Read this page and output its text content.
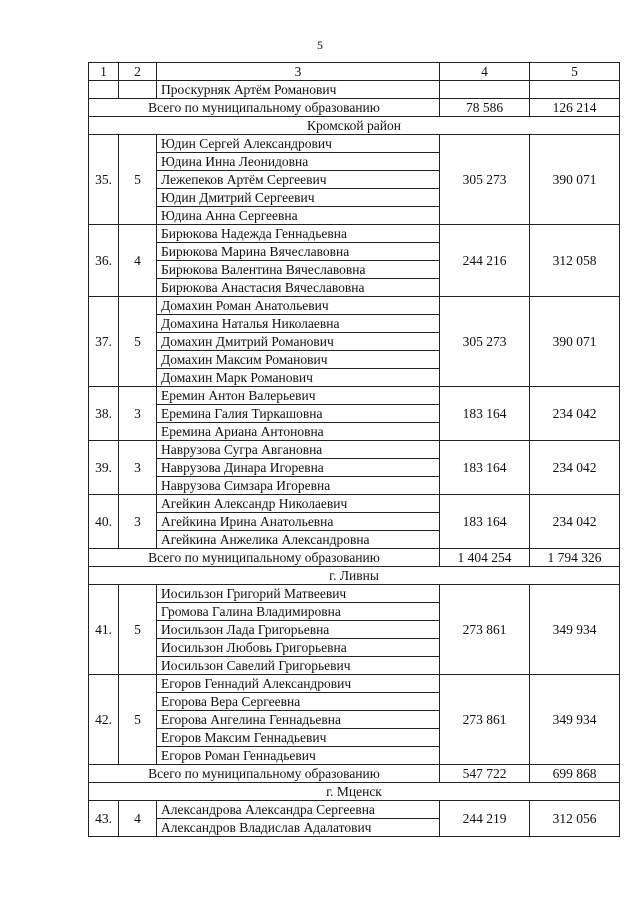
5
1	2	3	4	5
		Проскурняк Артём Романович		
Всего по муниципальному образованию			78 586	126 214
Кромской район				
35.	5	Юдин Сергей Александрович	305 273	390 071
		Юдина Инна Леонидовна		
		Лежепеков Артём Сергеевич		
		Юдин Дмитрий Сергеевич		
		Юдина Анна Сергеевна		
36.	4	Бирюкова Надежда Геннадьевна	244 216	312 058
		Бирюкова Марина Вячеславовна		
		Бирюкова Валентина Вячеславовна		
		Бирюкова Анастасия Вячеславовна		
37.	5	Домахин Роман Анатольевич	305 273	390 071
		Домахина Наталья Николаевна		
		Домахин Дмитрий Романович		
		Домахин Максим Романович		
		Домахин Марк Романович		
38.	3	Еремин Антон Валерьевич	183 164	234 042
		Еремина Галия Тиркашовна		
		Еремина Ариана Антоновна		
39.	3	Наврузова Сугра Авгановна	183 164	234 042
		Наврузова Динара Игоревна		
		Наврузова Симзара Игоревна		
40.	3	Агейкин Александр Николаевич	183 164	234 042
		Агейкина Ирина Анатольевна		
		Агейкина Анжелика Александровна		
Всего по муниципальному образованию			1 404 254	1 794 326
г. Ливны				
41.	5	Иосильзон Григорий Матвеевич	273 861	349 934
		Громова Галина Владимировна		
		Иосильзон Лада Григорьевна		
		Иосильзон Любовь Григорьевна		
		Иосильзон Савелий Григорьевич		
42.	5	Егоров Геннадий Александрович	273 861	349 934
		Егорова Вера Сергеевна		
		Егорова Ангелина Геннадьевна		
		Егоров Максим Геннадьевич		
		Егоров Роман Геннадьевич		
Всего по муниципальному образованию			547 722	699 868
г. Мценск				
43.	4	Александрова Александра Сергеевна	244 219	312 056
		Александров Владислав Адалатович		
